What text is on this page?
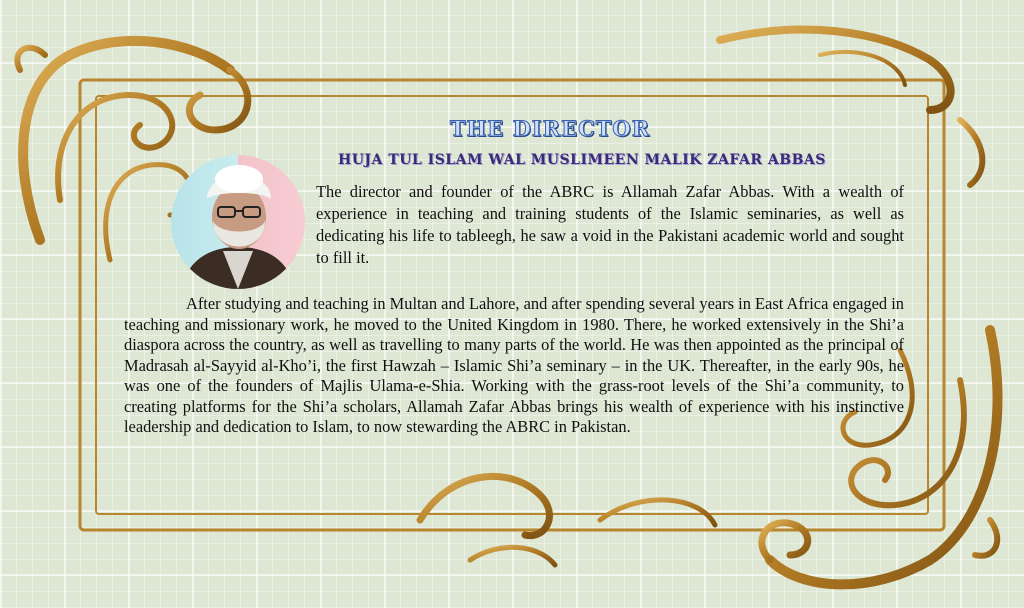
THE DIRECTOR
HUJA TUL ISLAM WAL MUSLIMEEN MALIK ZAFAR ABBAS

The director and founder of the ABRC is Allamah Zafar Abbas. With a wealth of experience in teaching and training students of the Islamic seminaries, as well as dedicating his life to tableegh, he saw a void in the Pakistani academic world and sought to fill it.

After studying and teaching in Multan and Lahore, and after spending several years in East Africa engaged in teaching and missionary work, he moved to the United Kingdom in 1980. There, he worked extensively in the Shi’a diaspora across the country, as well as travelling to many parts of the world. He was then appointed as the principal of Madrasah al-Sayyid al-Kho’i, the first Hawzah – Islamic Shi’a seminary – in the UK. Thereafter, in the early 90s, he was one of the founders of Majlis Ulama-e-Shia. Working with the grass-root levels of the Shi’a community, to creating platforms for the Shi’a scholars, Allamah Zafar Abbas brings his wealth of experience with his instinctive leadership and dedication to Islam, to now stewarding the ABRC in Pakistan.
